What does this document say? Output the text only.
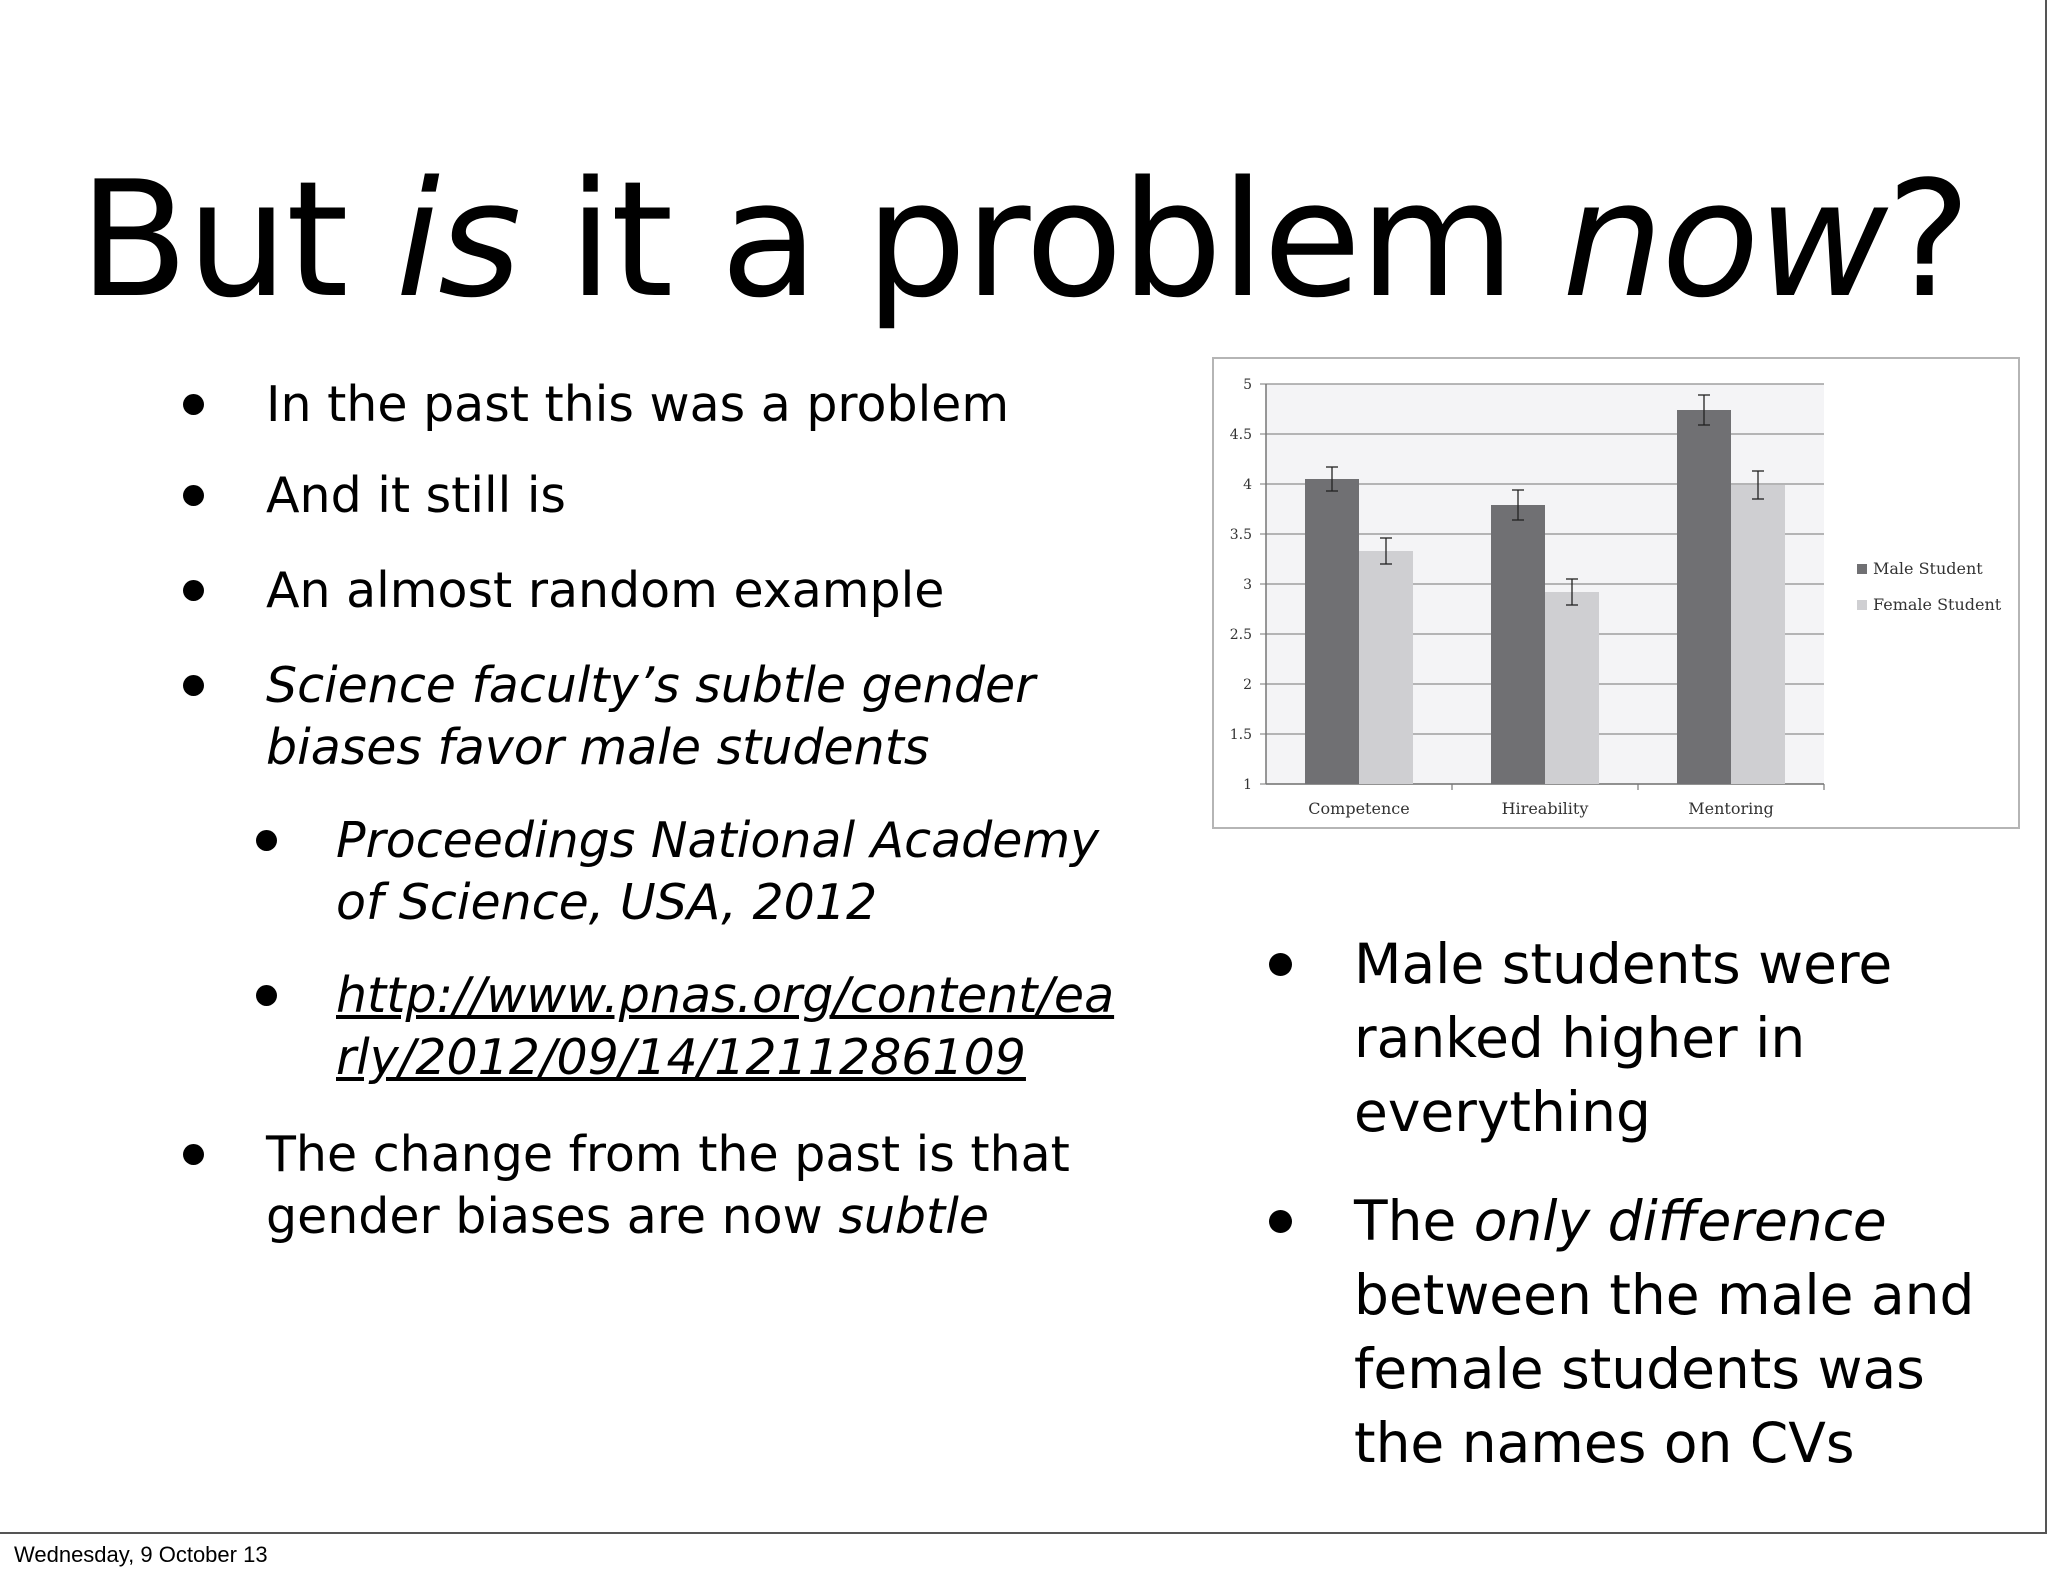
But is it a problem now?
In the past this was a problem
And it still is
An almost random example
Science faculty’s subtle gender biases favor male students
Proceedings National Academy of Science, USA, 2012
http://www.pnas.org/content/early/2012/09/14/1211286109
The change from the past is that gender biases are now subtle
1
1.5
2
2.5
3
3.5
4
4.5
5
Competence	Hireability	Mentoring
Male Student
Female Student
Male students were ranked higher in everything
The only difference between the male and female students was the names on CVs
Wednesday, 9 October 13
